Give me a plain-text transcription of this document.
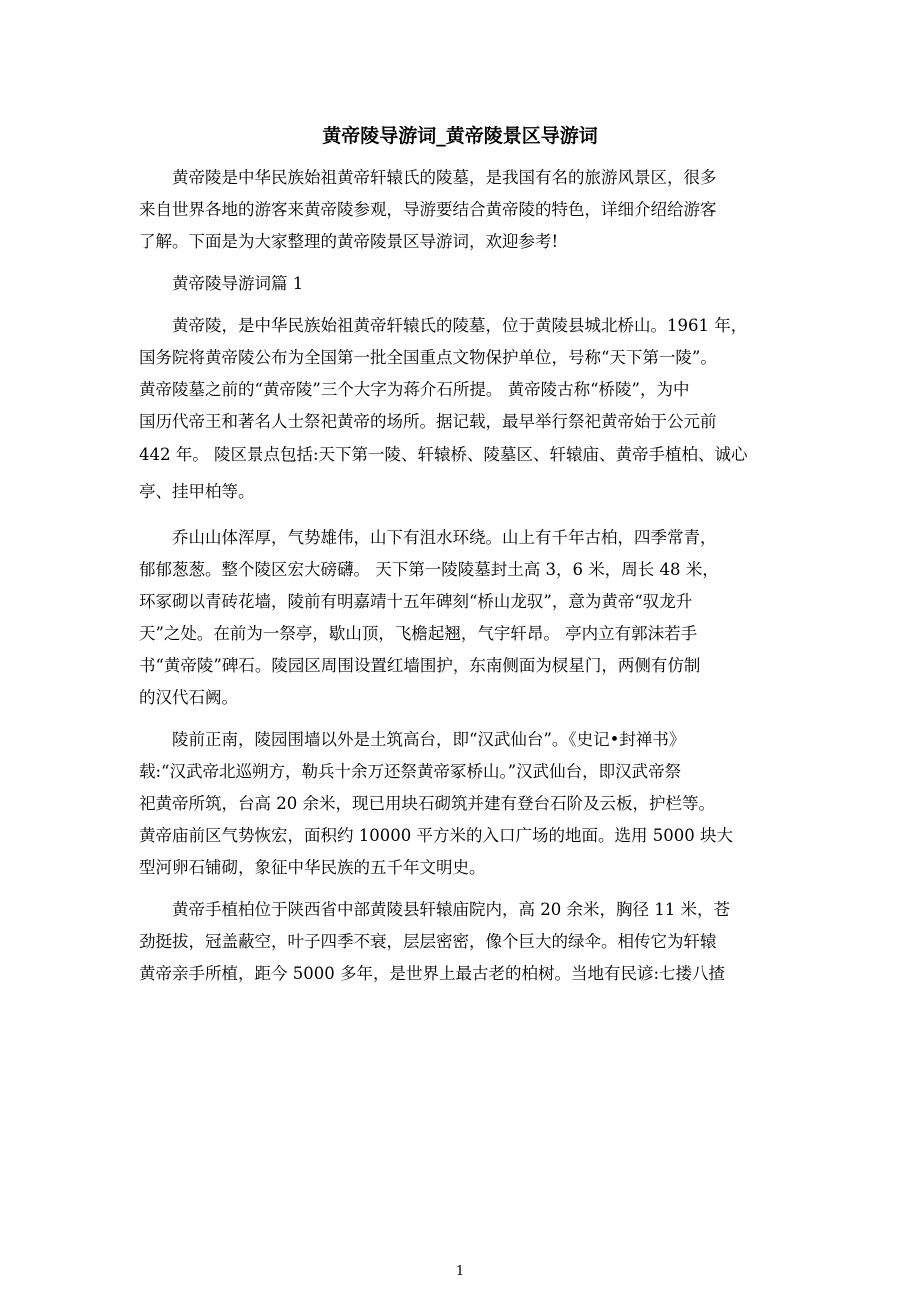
黄帝陵导游词_黄帝陵景区导游词
黄帝陵是中华民族始祖黄帝轩辕氏的陵墓，是我国有名的旅游风景区，很多
来自世界各地的游客来黄帝陵参观，导游要结合黄帝陵的特色，详细介绍给游客
了解。下面是为大家整理的黄帝陵景区导游词，欢迎参考!
黄帝陵导游词篇 1
黄帝陵，是中华民族始祖黄帝轩辕氏的陵墓，位于黄陵县城北桥山。1961 年，
国务院将黄帝陵公布为全国第一批全国重点文物保护单位，号称“天下第一陵”。
黄帝陵墓之前的“黄帝陵”三个大字为蒋介石所提。 黄帝陵古称“桥陵”，为中
国历代帝王和著名人士祭祀黄帝的场所。据记载，最早举行祭祀黄帝始于公元前
442 年。 陵区景点包括:天下第一陵、轩辕桥、陵墓区、轩辕庙、黄帝手植柏、诚心
亭、挂甲柏等。
乔山山体浑厚，气势雄伟，山下有沮水环绕。山上有千年古柏，四季常青，
郁郁葱葱。整个陵区宏大磅礴。 天下第一陵陵墓封土高 3，6 米，周长 48 米，
环冢砌以青砖花墙，陵前有明嘉靖十五年碑刻“桥山龙驭”，意为黄帝“驭龙升
天”之处。在前为一祭亭，歇山顶，飞檐起翘，气宇轩昂。 亭内立有郭沫若手
书“黄帝陵”碑石。陵园区周围设置红墙围护，东南侧面为棂星门，两侧有仿制
的汉代石阙。
陵前正南，陵园围墙以外是土筑高台，即“汉武仙台”。《史记•封禅书》
载:“汉武帝北巡朔方，勒兵十余万还祭黄帝冢桥山。”汉武仙台，即汉武帝祭
祀黄帝所筑，台高 20 余米，现已用块石砌筑并建有登台石阶及云板，护栏等。
黄帝庙前区气势恢宏，面积约 10000 平方米的入口广场的地面。选用 5000 块大
型河卵石铺砌，象征中华民族的五千年文明史。
黄帝手植柏位于陕西省中部黄陵县轩辕庙院内，高 20 余米，胸径 11 米，苍
劲挺拔，冠盖蔽空，叶子四季不衰，层层密密，像个巨大的绿伞。相传它为轩辕
黄帝亲手所植，距今 5000 多年，是世界上最古老的柏树。当地有民谚:七搂八揸
1
